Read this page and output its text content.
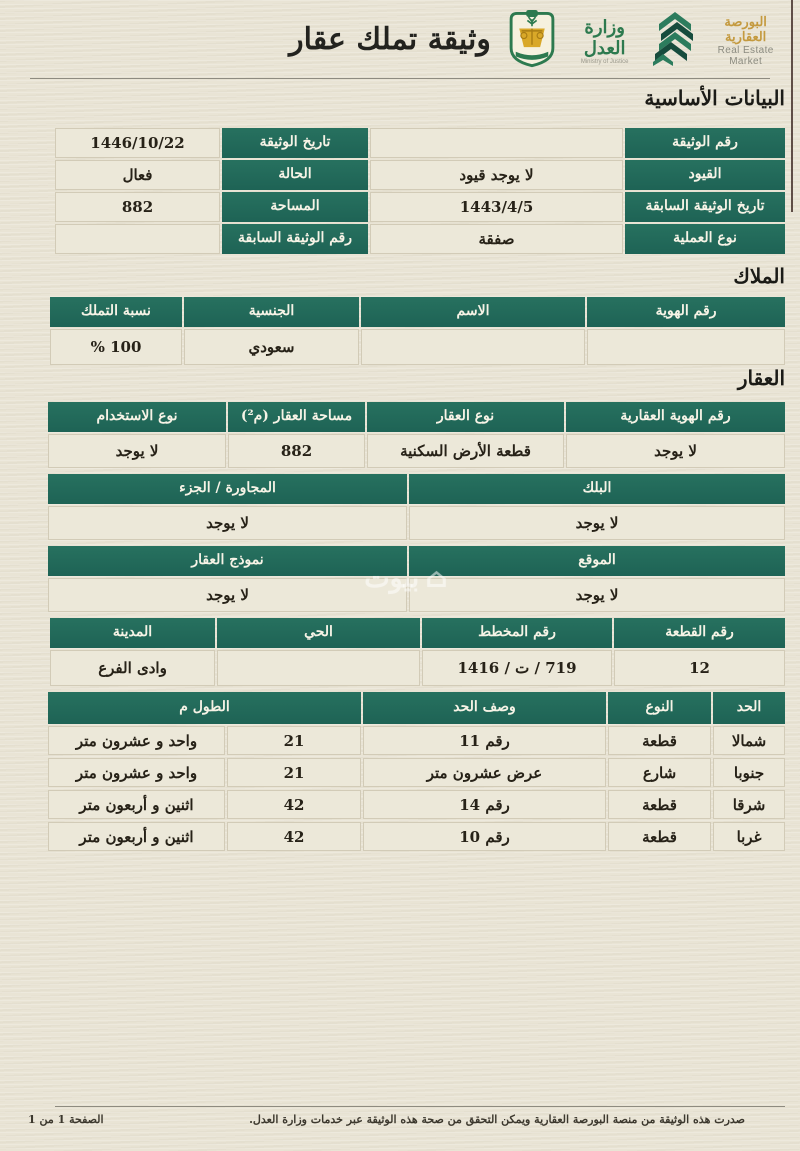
وثيقة تملك عقار	البورصة العقارية
Real Estate Market
وزارة العدل
Ministry of Justice
البيانات الأساسية
رقم الوثيقة
تاريخ الوثيقة
1446/10/22
القيود
لا يوجد قيود
الحالة
فعال
تاريخ الوثيقة السابقة
1443/4/5
المساحة
882
نوع العملية
صفقة
رقم الوثيقة السابقة
الملاك
رقم الهوية
الاسم
الجنسية
نسبة التملك
سعودي
% 100
العقار
رقم الهوية العقارية
نوع العقار
مساحة العقار (م²)
نوع الاستخدام
لا يوجد
قطعة الأرض السكنية
882
لا يوجد
البلك
المجاورة / الجزء
لا يوجد
لا يوجد
الموقع
نموذج العقار
لا يوجد
لا يوجد
رقم القطعة
رقم المخطط
الحي
المدينة
12
719 / ت / 1416
وادى الفرع
الحد
النوع
وصف الحد
الطول م
شمالا
قطعة
رقم 11
21
واحد و عشرون متر
جنوبا
شارع
عرض عشرون متر
21
واحد و عشرون متر
شرقا
قطعة
رقم 14
42
اثنين و أربعون متر
غربا
قطعة
رقم 10
42
اثنين و أربعون متر
⌂
بيوت
صدرت هذه الوثيقة من منصة البورصة العقارية ويمكن التحقق من صحة هذه الوثيقة عبر خدمات وزارة العدل.
الصفحة 1 من 1
